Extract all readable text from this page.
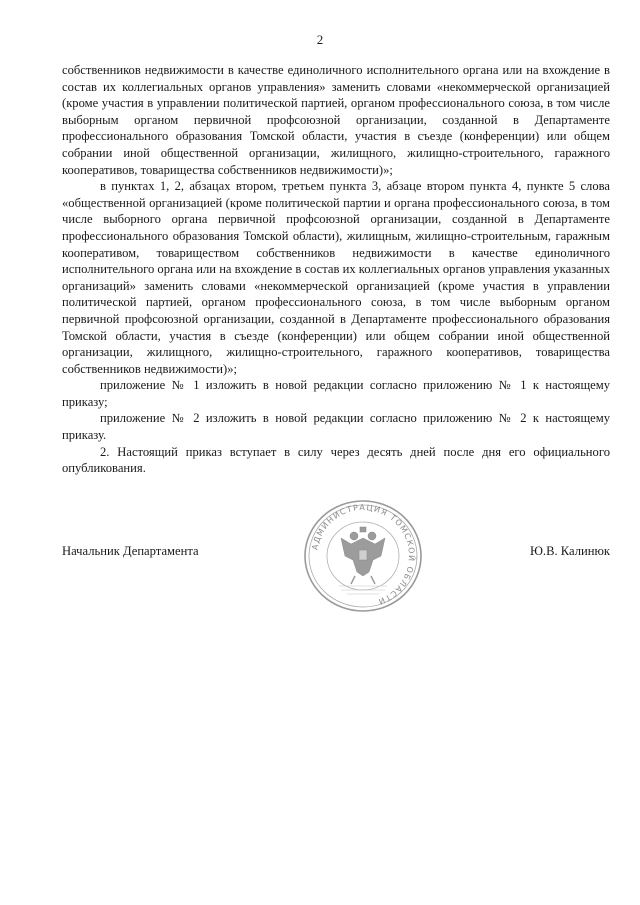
2

собственников недвижимости в качестве единоличного исполнительного органа или на вхождение в состав их коллегиальных органов управления» заменить словами «некоммерческой организацией (кроме участия в управлении политической партией, органом профессионального союза, в том числе выборным органом первичной профсоюзной организации, созданной в Департаменте профессионального образования Томской области, участия в съезде (конференции) или общем собрании иной общественной организации, жилищного, жилищно-строительного, гаражного кооперативов, товарищества собственников недвижимости)»;

в пунктах 1, 2, абзацах втором, третьем пункта 3, абзаце втором пункта 4, пункте 5 слова «общественной организацией (кроме политической партии и органа профессионального союза, в том числе выборного органа первичной профсоюзной организации, созданной в Департаменте профессионального образования Томской области), жилищным, жилищно-строительным, гаражным кооперативом, товариществом собственников недвижимости в качестве единоличного исполнительного органа или на вхождение в состав их коллегиальных органов управления указанных организаций» заменить словами «некоммерческой организацией (кроме участия в управлении политической партией, органом профессионального союза, в том числе выборным органом первичной профсоюзной организации, созданной в Департаменте профессионального образования Томской области, участия в съезде (конференции) или общем собрании иной общественной организации, жилищного, жилищно-строительного, гаражного кооперативов, товарищества собственников недвижимости)»;

приложение № 1 изложить в новой редакции согласно приложению № 1 к настоящему приказу;

приложение № 2 изложить в новой редакции согласно приложению № 2 к настоящему приказу.

2. Настоящий приказ вступает в силу через десять дней после дня его официального опубликования.

АДМИНИСТРАЦИЯ ТОМСКОЙ ОБЛАСТИ
Начальник Департамента	Ю.В. Калинюк
